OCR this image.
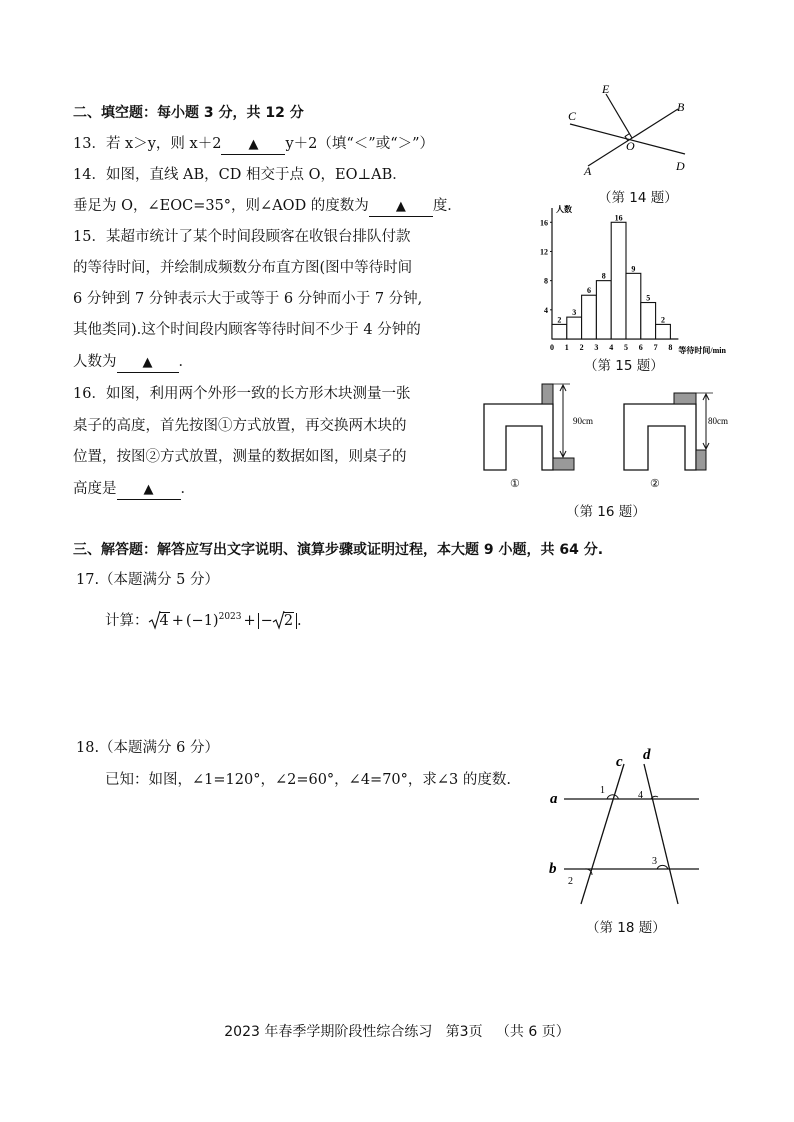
二、填空题：每小题 3 分，共 12 分
13．若 x＞y，则 x＋2 ▲ y＋2（填“＜”或“＞”）
14．如图，直线 AB，CD 相交于点 O，EO⊥AB．
垂足为 O，∠EOC=35°，则∠AOD 的度数为 ▲ 度．
15．某超市统计了某个时间段顾客在收银台排队付款
的等待时间，并绘制成频数分布直方图(图中等待时间
6 分钟到 7 分钟表示大于或等于 6 分钟而小于 7 分钟,
其他类同).这个时间段内顾客等待时间不少于 4 分钟的
人数为 ▲ ．
16．如图，利用两个外形一致的长方形木块测量一张
桌子的高度，首先按图①方式放置，再交换两木块的
位置，按图②方式放置，测量的数据如图，则桌子的
高度是 ▲ ．
E
B
C
O
A	D
（第 14 题）
人数
等待时间/min
2
3
6
8
16
9
5
2
0 1 2 3 4 5 6 7 8
4
8
12
16
（第 15 题）
90cm
①
80cm
②
（第 16 题）
三、解答题：解答应写出文字说明、演算步骤或证明过程，本大题 9 小题，共 64 分.
17.（本题满分 5 分）
计算： $4 + (-1)^{2023}$ + − 2 .
18.（本题满分 6 分）
已知：如图，∠1=120°，∠2=60°，∠4=70°，求∠3 的度数.
a
b
c d
1	4
3
2
（第 18 题）
2023 年春季学期阶段性综合练习   第3页   （共 6 页）
